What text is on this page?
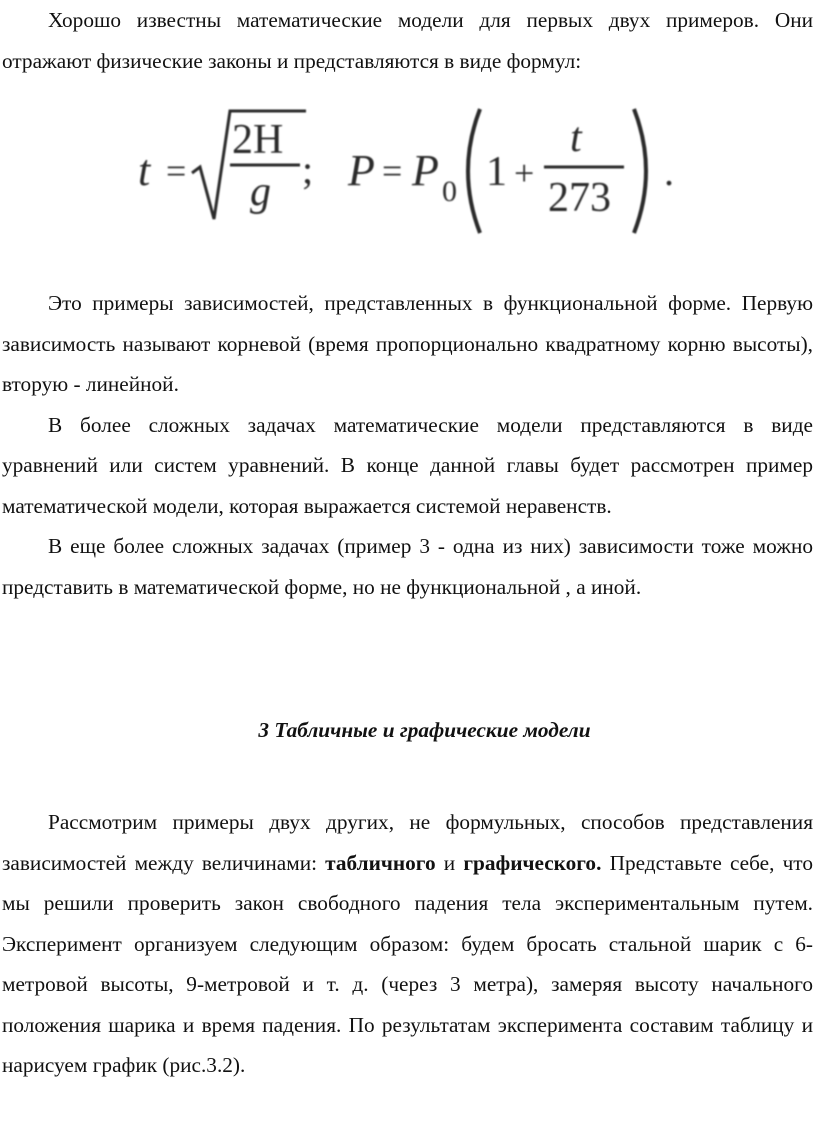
Хорошо известны математические модели для первых двух примеров. Они отражают физические законы и представляются в виде формул:

t =
2H
g ; P = P 0 1 +
t
273
.

Это примеры зависимостей, представленных в функциональной форме. Первую зависимость называют корневой (время пропорционально квадратному корню высоты), вторую - линейной.

В более сложных задачах математические модели представляются в виде уравнений или систем уравнений. В конце данной главы будет рассмотрен пример математической модели, которая выражается системой неравенств.

В еще более сложных задачах (пример 3 - одна из них) зависимости тоже можно представить в математической форме, но не функциональной , а иной.

3 Табличные и графические модели

Рассмотрим примеры двух других, не формульных, способов представления зависимостей между величинами: табличного и графического. Представьте себе, что мы решили проверить закон свободного падения тела экспериментальным путем. Эксперимент организуем следующим образом: будем бросать стальной шарик с 6-метровой высоты, 9-метровой и т. д. (через 3 метра), замеряя высоту начального положения шарика и время падения. По результатам эксперимента составим таблицу и нарисуем график (рис.3.2).
